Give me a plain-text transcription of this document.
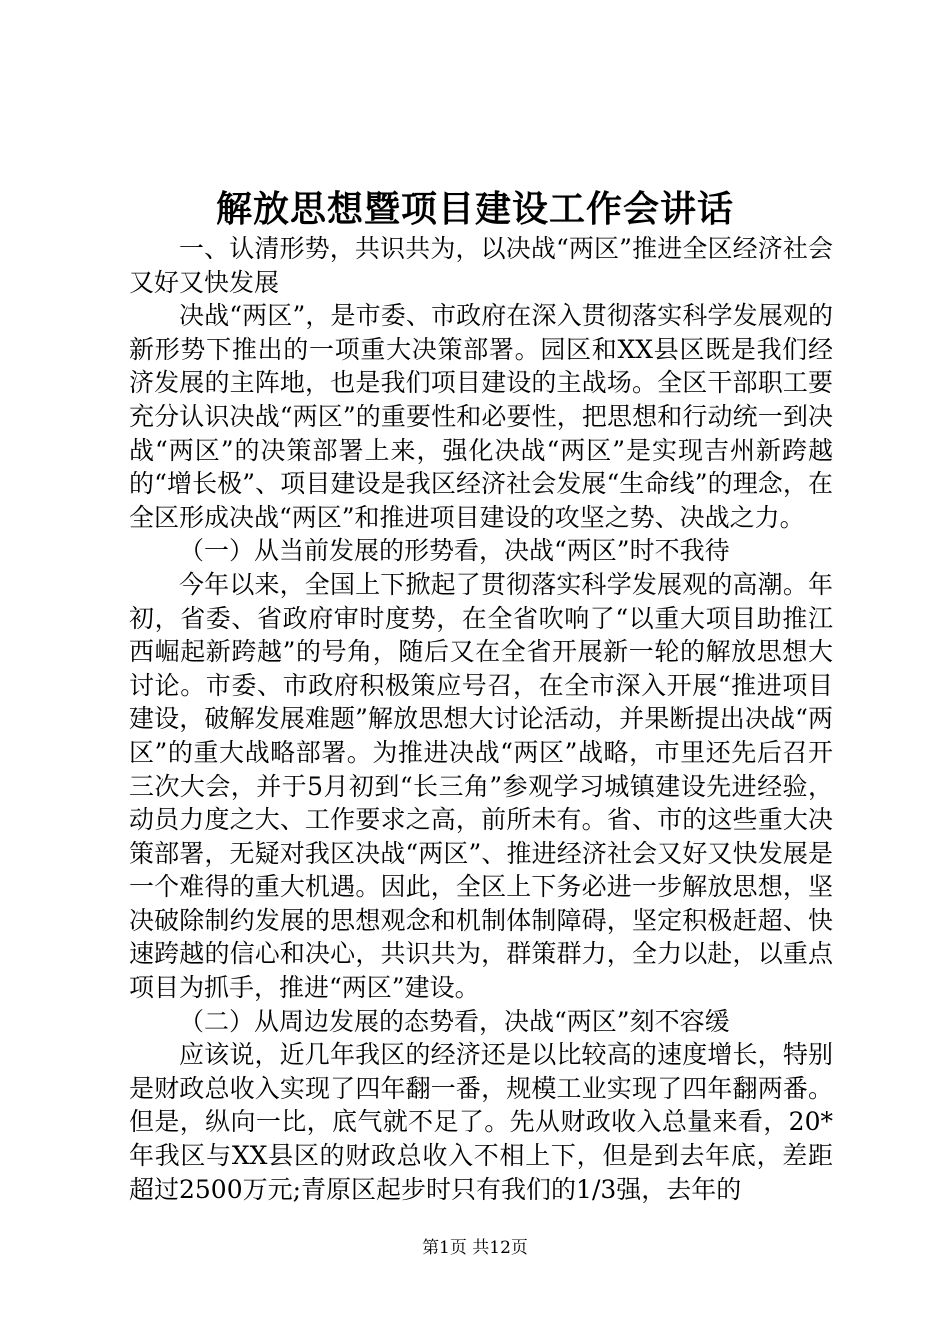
解放思想暨项目建设工作会讲话

一、认清形势，共识共为，以决战“两区”推进全区经济社会又好又快发展

决战“两区”，是市委、市政府在深入贯彻落实科学发展观的新形势下推出的一项重大决策部署。园区和XX县区既是我们经济发展的主阵地，也是我们项目建设的主战场。全区干部职工要充分认识决战“两区”的重要性和必要性，把思想和行动统一到决战“两区”的决策部署上来，强化决战“两区”是实现吉州新跨越的“增长极”、项目建设是我区经济社会发展“生命线”的理念，在全区形成决战“两区”和推进项目建设的攻坚之势、决战之力。

（一）从当前发展的形势看，决战“两区”时不我待

今年以来，全国上下掀起了贯彻落实科学发展观的高潮。年初，省委、省政府审时度势，在全省吹响了“以重大项目助推江西崛起新跨越”的号角，随后又在全省开展新一轮的解放思想大讨论。市委、市政府积极策应号召，在全市深入开展“推进项目建设，破解发展难题”解放思想大讨论活动，并果断提出决战“两区”的重大战略部署。为推进决战“两区”战略，市里还先后召开三次大会，并于5月初到“长三角”参观学习城镇建设先进经验，动员力度之大、工作要求之高，前所未有。省、市的这些重大决策部署，无疑对我区决战“两区”、推进经济社会又好又快发展是一个难得的重大机遇。因此，全区上下务必进一步解放思想，坚决破除制约发展的思想观念和机制体制障碍，坚定积极赶超、快速跨越的信心和决心，共识共为，群策群力，全力以赴，以重点项目为抓手，推进“两区”建设。

（二）从周边发展的态势看，决战“两区”刻不容缓

应该说，近几年我区的经济还是以比较高的速度增长，特别是财政总收入实现了四年翻一番，规模工业实现了四年翻两番。但是，纵向一比，底气就不足了。先从财政收入总量来看，20*年我区与XX县区的财政总收入不相上下，但是到去年底，差距超过2500万元;青原区起步时只有我们的1/3强，去年的

第1页 共12页
